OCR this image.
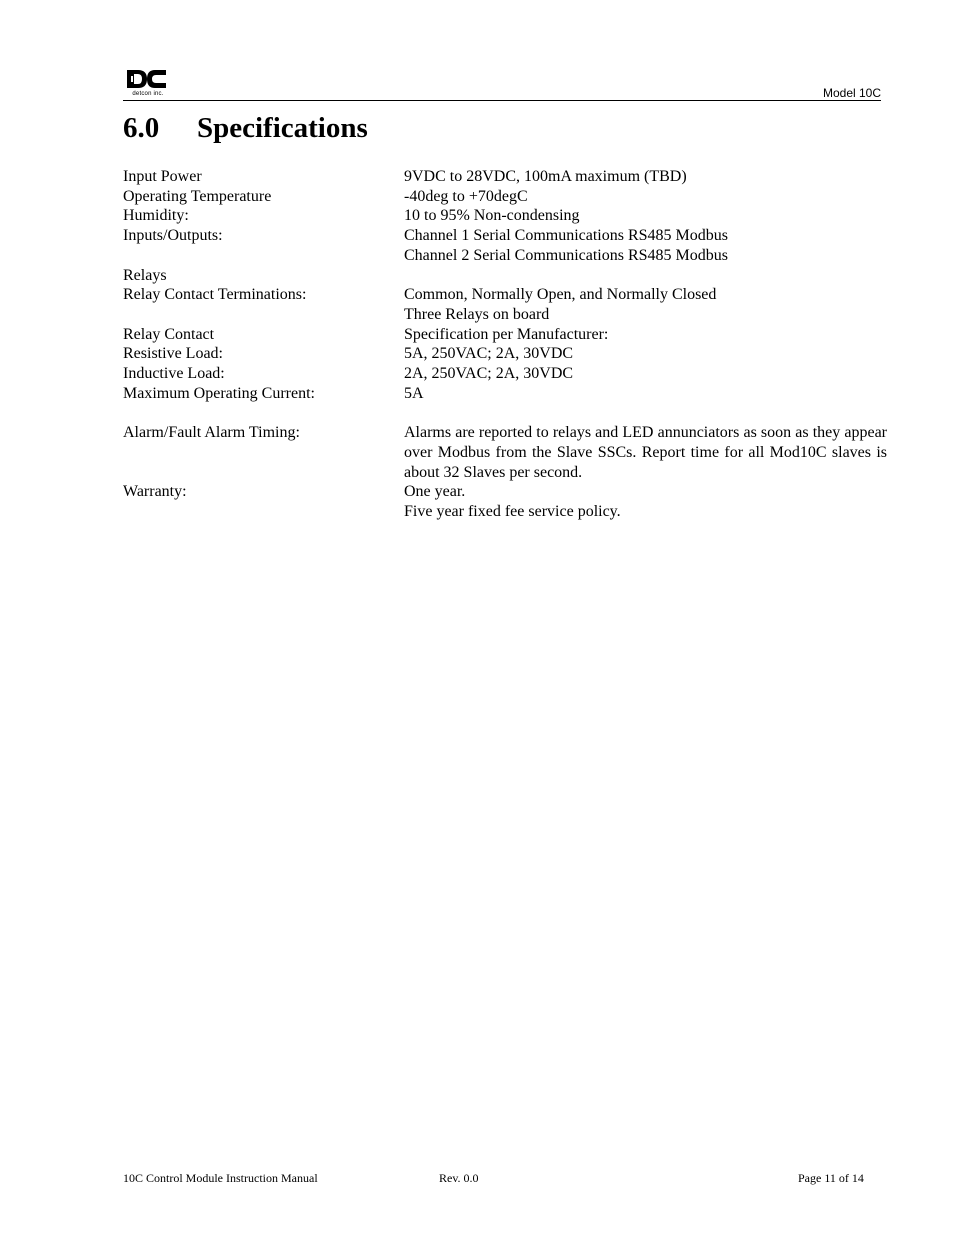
detcon inc.	Model 10C
6.0 Specifications
Input Power	9VDC to 28VDC, 100mA maximum (TBD)
Operating Temperature	-40deg to +70degC
Humidity:	10 to 95% Non-condensing
Inputs/Outputs:	Channel 1 Serial Communications RS485 Modbus
Channel 2 Serial Communications RS485 Modbus
Relays
Relay Contact Terminations:	Common, Normally Open, and Normally Closed
Three Relays on board
Relay Contact	Specification per Manufacturer:
Resistive Load:	5A, 250VAC; 2A, 30VDC
Inductive Load:	2A, 250VAC; 2A, 30VDC
Maximum Operating Current:	5A
Alarm/Fault Alarm Timing:	Alarms are reported to relays and LED annunciators as soon as they appear over Modbus from the Slave SSCs. Report time for all Mod10C slaves is about 32 Slaves per second.
Warranty:	One year.
Five year fixed fee service policy.
10C Control Module Instruction Manual	Rev. 0.0	Page 11 of 14
